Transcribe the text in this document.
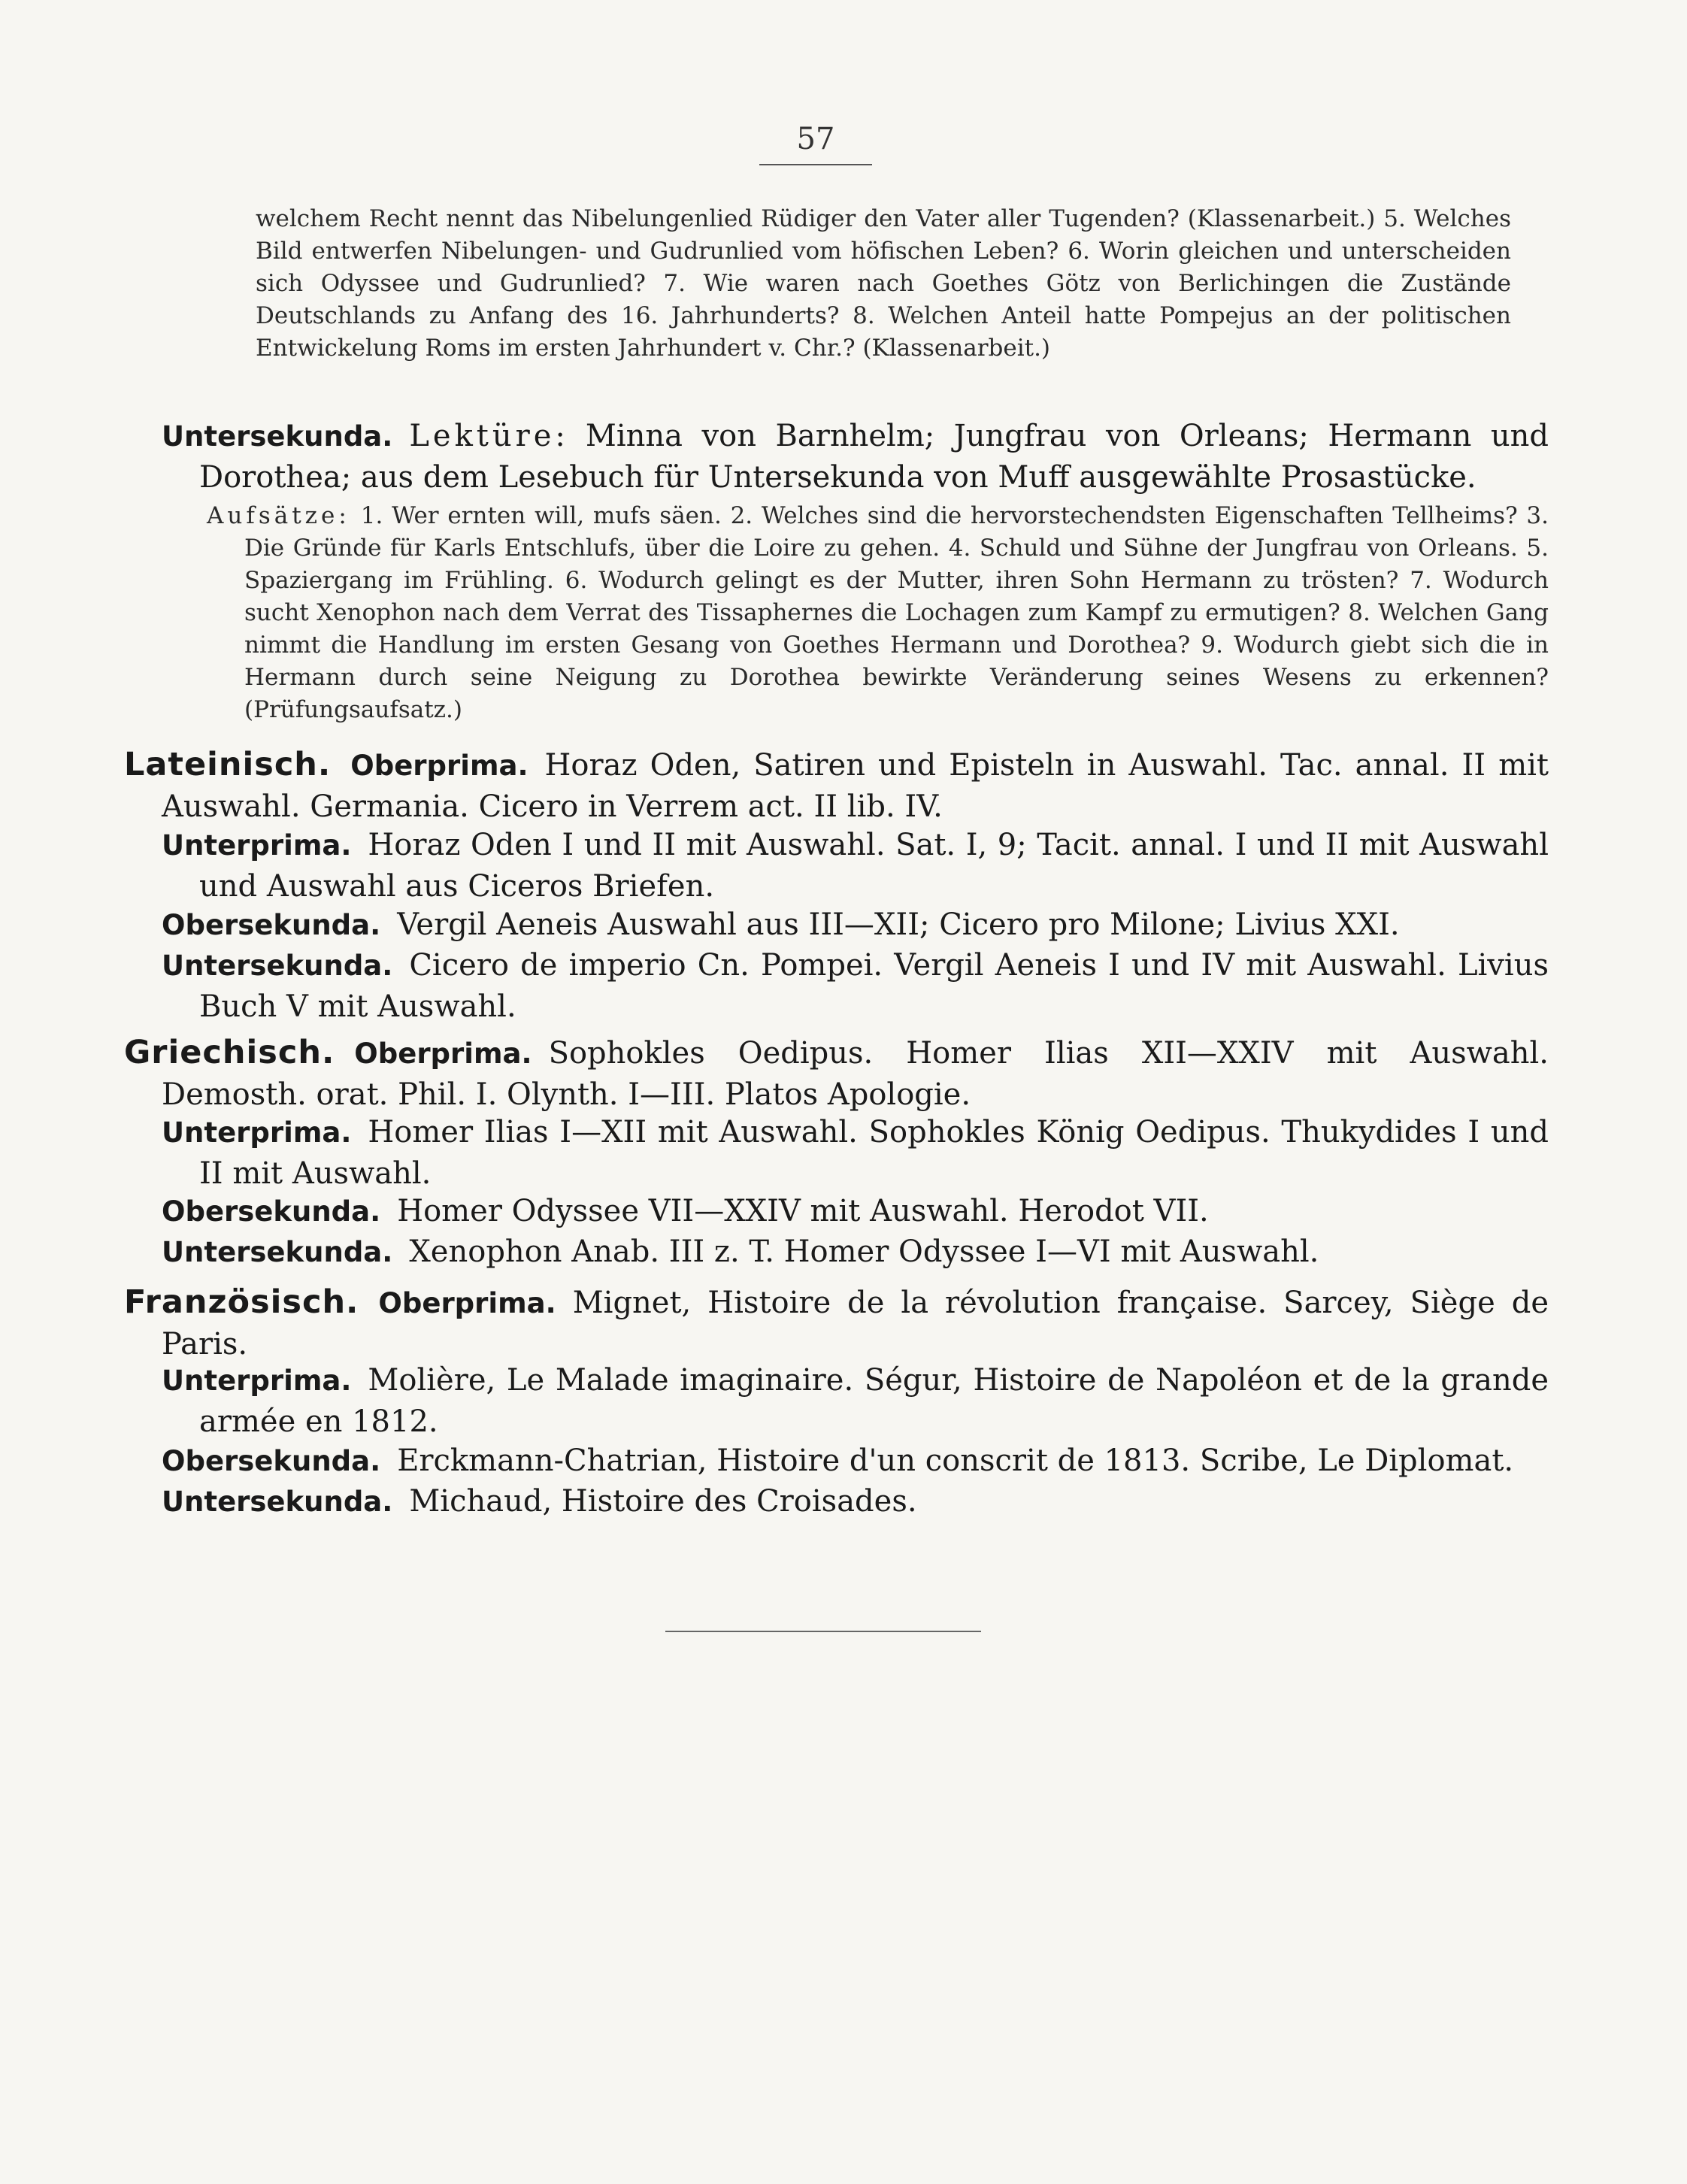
57

welchem Recht nennt das Nibelungenlied Rüdiger den Vater aller Tugenden? (Klassenarbeit.) 5. Welches Bild entwerfen Nibelungen- und Gudrunlied vom höfischen Leben? 6. Worin gleichen und unterscheiden sich Odyssee und Gudrunlied? 7. Wie waren nach Goethes Götz von Berlichingen die Zustände Deutschlands zu Anfang des 16. Jahrhunderts? 8. Welchen Anteil hatte Pompejus an der politischen Entwickelung Roms im ersten Jahrhundert v. Chr.? (Klassenarbeit.)

Untersekunda. Lektüre: Minna von Barnhelm; Jungfrau von Orleans; Hermann und Dorothea; aus dem Lesebuch für Untersekunda von Muff ausgewählte Prosastücke.

Aufsätze: 1. Wer ernten will, mufs säen. 2. Welches sind die hervorstechendsten Eigenschaften Tellheims? 3. Die Gründe für Karls Entschlufs, über die Loire zu gehen. 4. Schuld und Sühne der Jungfrau von Orleans. 5. Spaziergang im Frühling. 6. Wodurch gelingt es der Mutter, ihren Sohn Hermann zu trösten? 7. Wodurch sucht Xenophon nach dem Verrat des Tissaphernes die Lochagen zum Kampf zu ermutigen? 8. Welchen Gang nimmt die Handlung im ersten Gesang von Goethes Hermann und Dorothea? 9. Wodurch giebt sich die in Hermann durch seine Neigung zu Dorothea bewirkte Veränderung seines Wesens zu erkennen? (Prüfungsaufsatz.)

Lateinisch. Oberprima. Horaz Oden, Satiren und Episteln in Auswahl. Tac. annal. II mit Auswahl. Germania. Cicero in Verrem act. II lib. IV.

Unterprima. Horaz Oden I und II mit Auswahl. Sat. I, 9; Tacit. annal. I und II mit Auswahl und Auswahl aus Ciceros Briefen.

Obersekunda. Vergil Aeneis Auswahl aus III—XII; Cicero pro Milone; Livius XXI.

Untersekunda. Cicero de imperio Cn. Pompei. Vergil Aeneis I und IV mit Auswahl. Livius Buch V mit Auswahl.

Griechisch. Oberprima. Sophokles Oedipus. Homer Ilias XII—XXIV mit Auswahl. Demosth. orat. Phil. I. Olynth. I—III. Platos Apologie.

Unterprima. Homer Ilias I—XII mit Auswahl. Sophokles König Oedipus. Thukydides I und II mit Auswahl.

Obersekunda. Homer Odyssee VII—XXIV mit Auswahl. Herodot VII.

Untersekunda. Xenophon Anab. III z. T. Homer Odyssee I—VI mit Auswahl.

Französisch. Oberprima. Mignet, Histoire de la révolution française. Sarcey, Siège de Paris.

Unterprima. Molière, Le Malade imaginaire. Ségur, Histoire de Napoléon et de la grande armée en 1812.

Obersekunda. Erckmann-Chatrian, Histoire d'un conscrit de 1813. Scribe, Le Diplomat.

Untersekunda. Michaud, Histoire des Croisades.
